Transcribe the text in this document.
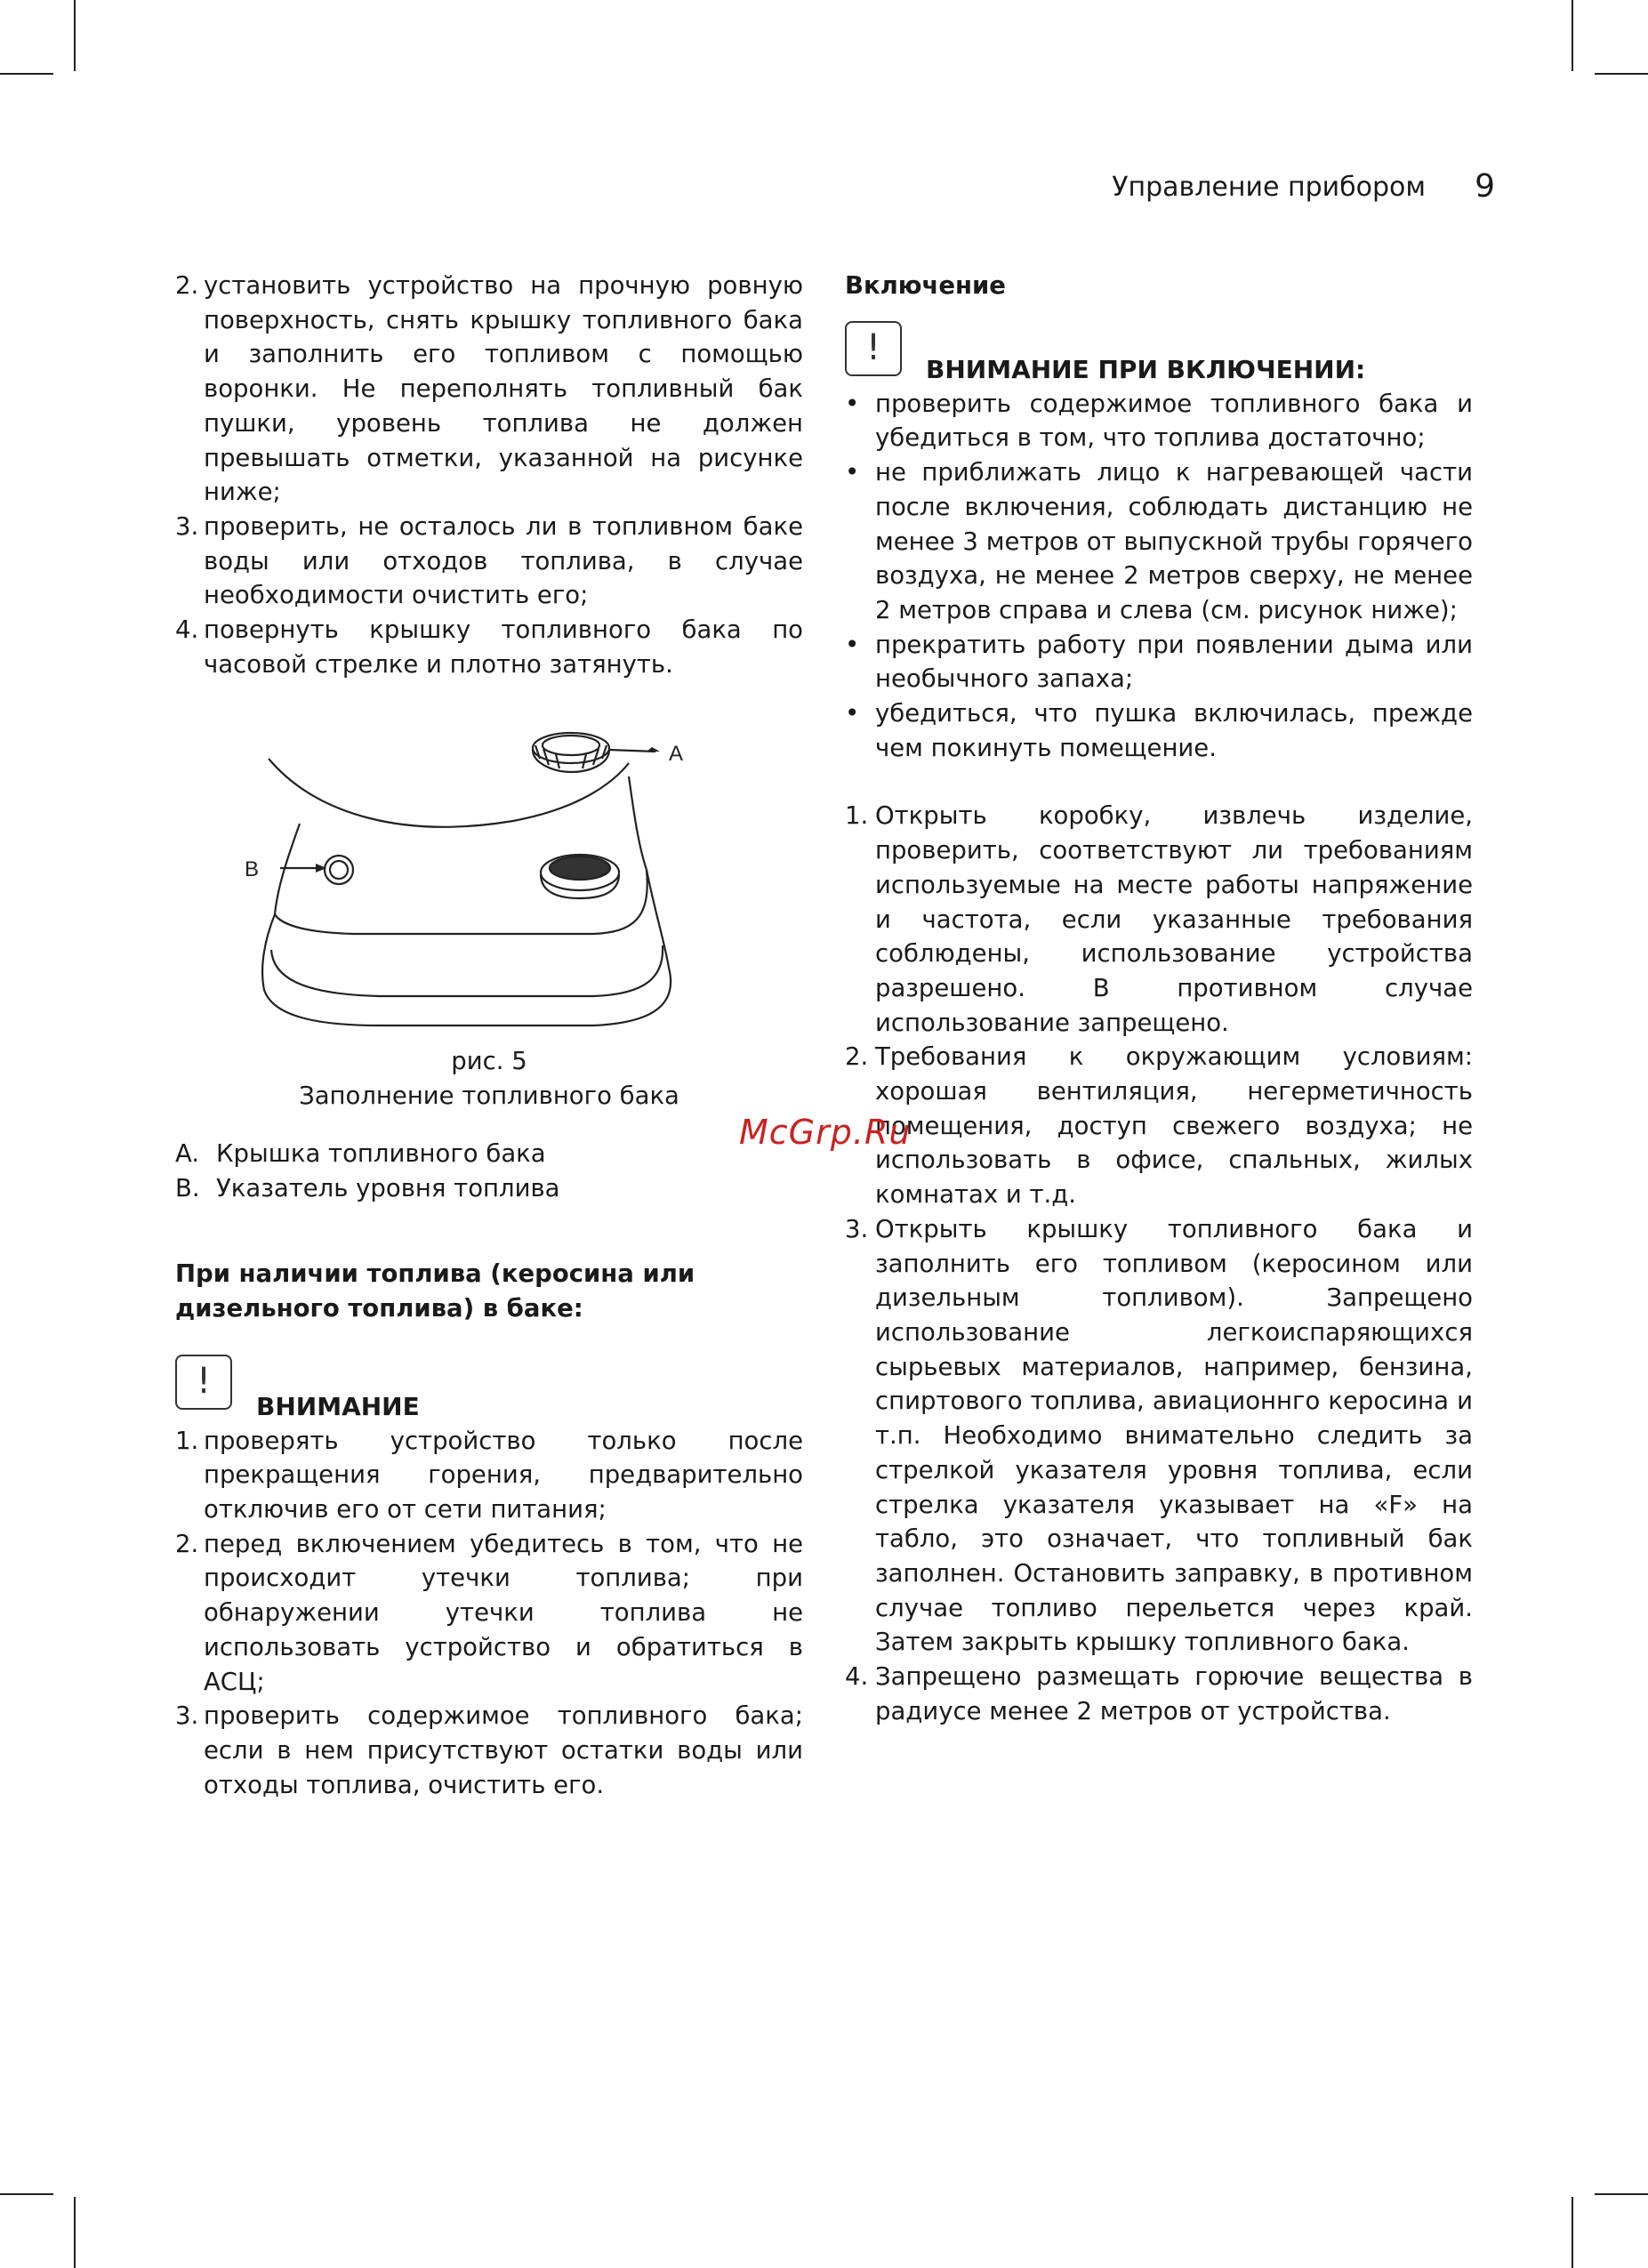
Управление прибором 9
2. установить устройство на прочную ровную поверхность, снять крышку топливного бака и заполнить его топливом с помощью воронки. Не переполнять топливный бак пушки, уровень топлива не должен превышать отметки, указанной на рисунке ниже;
3. проверить, не осталось ли в топливном баке воды или отходов топлива, в случае необходимости очистить его;
4. повернуть крышку топливного бака по часовой стрелке и плотно затянуть.
A
B
рис. 5
Заполнение топливного бака
A. Крышка топливного бака
B. Указатель уровня топлива
При наличии топлива (керосина или дизельного топлива) в баке:
!
ВНИМАНИЕ
1. проверять устройство только после прекращения горения, предварительно отключив его от сети питания;
2. перед включением убедитесь в том, что не происходит утечки топлива; при обнаружении утечки топлива не использовать устройство и обратиться в АСЦ;
3. проверить содержимое топливного бака; если в нем присутствуют остатки воды или отходы топлива, очистить его.
Включение
!
ВНИМАНИЕ ПРИ ВКЛЮЧЕНИИ:
• проверить содержимое топливного бака и убедиться в том, что топлива достаточно;
• не приближать лицо к нагревающей части после включения, соблюдать дистанцию не менее 3 метров от выпускной трубы горячего воздуха, не менее 2 метров сверху, не менее 2 метров справа и слева (см. рисунок ниже);
• прекратить работу при появлении дыма или необычного запаха;
• убедиться, что пушка включилась, прежде чем покинуть помещение.
1. Открыть коробку, извлечь изделие, проверить, соответствуют ли требованиям используемые на месте работы напряжение и частота, если указанные требования соблюдены, использование устройства разрешено. В противном случае использование запрещено.
2. Требования к окружающим условиям: хорошая вентиляция, негерметичность помещения, доступ свежего воздуха; не использовать в офисе, спальных, жилых комнатах и т.д.
3. Открыть крышку топливного бака и заполнить его топливом (керосином или дизельным топливом). Запрещено использование легкоиспаряющихся сырьевых материалов, например, бензина, спиртового топлива, авиационнго керосина и т.п. Необходимо внимательно следить за стрелкой указателя уровня топлива, если стрелка указателя указывает на «F» на табло, это означает, что топливный бак заполнен. Остановить заправку, в противном случае топливо перельется через край. Затем закрыть крышку топливного бака.
4. Запрещено размещать горючие вещества в радиусе менее 2 метров от устройства.
McGrp.Ru
